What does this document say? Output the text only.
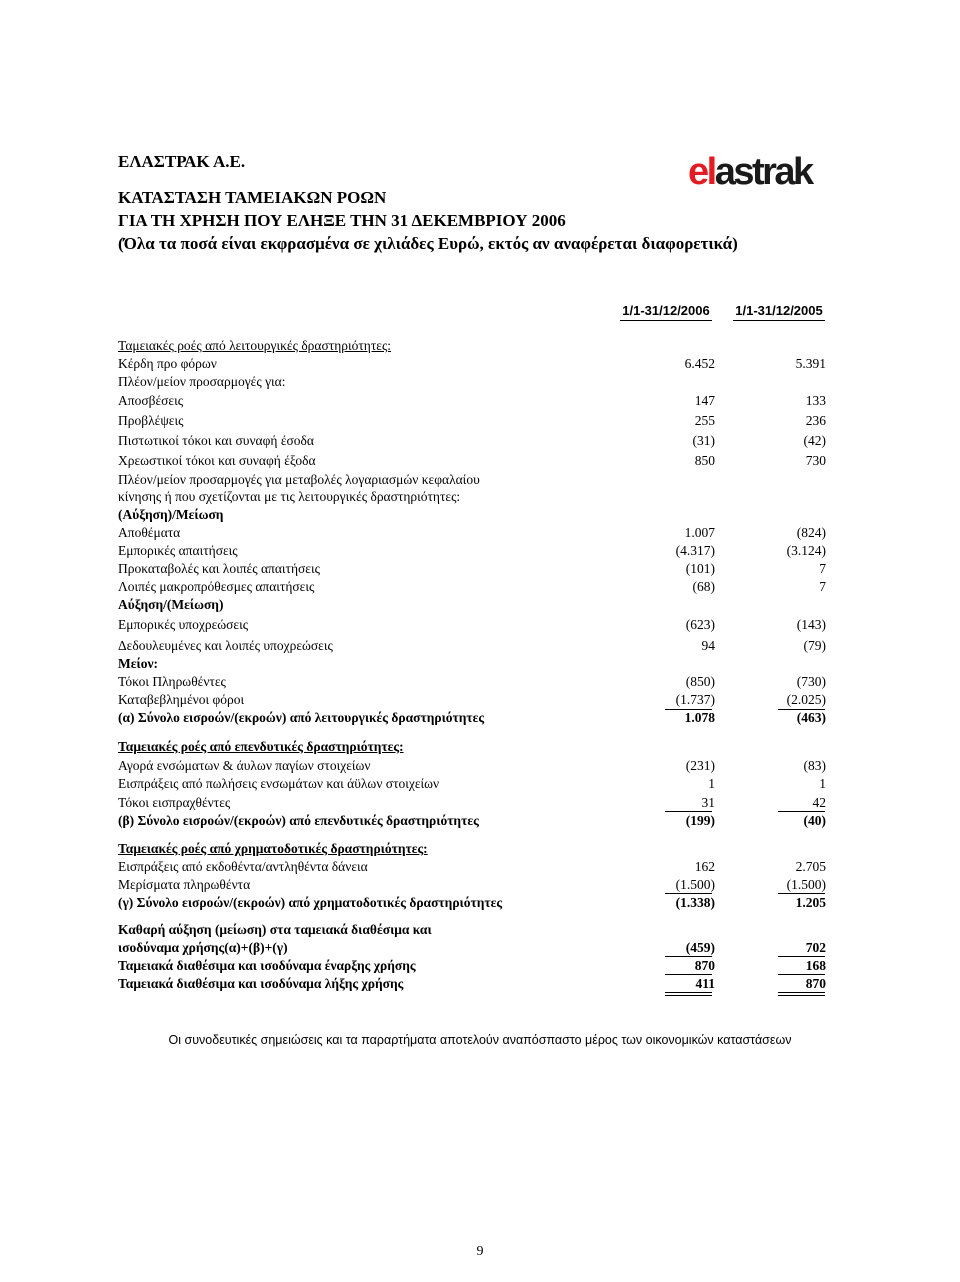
ΕΛΑΣΤΡΑΚ Α.Ε.
ΚΑΤΑΣΤΑΣΗ ΤΑΜΕΙΑΚΩΝ ΡΟΩΝ
ΓΙΑ ΤΗ ΧΡΗΣΗ ΠΟΥ ΕΛΗΞΕ ΤΗΝ 31 ΔΕΚΕΜΒΡΙΟΥ 2006
(Όλα τα ποσά είναι εκφρασμένα σε χιλιάδες Ευρώ, εκτός αν αναφέρεται διαφορετικά)
elastrak
1/1-31/12/2006 1/1-31/12/2005
Ταμειακές ροές από λειτουργικές δραστηριότητες:
Κέρδη προ φόρων	6.452	5.391
Πλέον/μείον προσαρμογές για:
Αποσβέσεις	147	133
Προβλέψεις	255	236
Πιστωτικοί τόκοι και συναφή έσοδα	(31)	(42)
Χρεωστικοί τόκοι και συναφή έξοδα	850	730
Πλέον/μείον προσαρμογές για μεταβολές λογαριασμών κεφαλαίου
κίνησης ή που σχετίζονται με τις λειτουργικές δραστηριότητες:
(Αύξηση)/Μείωση
Αποθέματα	1.007	(824)
Εμπορικές απαιτήσεις	(4.317)	(3.124)
Προκαταβολές και λοιπές απαιτήσεις	(101)	7
Λοιπές μακροπρόθεσμες απαιτήσεις	(68)	7
Αύξηση/(Μείωση)
Εμπορικές υποχρεώσεις	(623)	(143)
Δεδουλευμένες και λοιπές υποχρεώσεις	94	(79)
Μείον:
Τόκοι Πληρωθέντες	(850)	(730)
Καταβεβλημένοι φόροι	(1.737)	(2.025)
(α) Σύνολο εισροών/(εκροών) από λειτουργικές δραστηριότητες	1.078	(463)
Ταμειακές ροές από επενδυτικές δραστηριότητες:
Αγορά ενσώματων & άυλων παγίων στοιχείων	(231)	(83)
Εισπράξεις από πωλήσεις ενσωμάτων και άϋλων στοιχείων	1	1
Τόκοι εισπραχθέντες	31	42
(β) Σύνολο εισροών/(εκροών) από επενδυτικές δραστηριότητες	(199)	(40)
Ταμειακές ροές από χρηματοδοτικές δραστηριότητες:
Εισπράξεις από εκδοθέντα/αντληθέντα δάνεια	162	2.705
Μερίσματα πληρωθέντα	(1.500)	(1.500)
(γ) Σύνολο εισροών/(εκροών) από χρηματοδοτικές δραστηριότητες	(1.338)	1.205
Καθαρή αύξηση (μείωση) στα ταμειακά διαθέσιμα και
ισοδύναμα χρήσης(α)+(β)+(γ)	(459)	702
Ταμειακά διαθέσιμα και ισοδύναμα έναρξης χρήσης	870	168
Ταμειακά διαθέσιμα και ισοδύναμα λήξης χρήσης	411	870
Οι συνοδευτικές σημειώσεις και τα παραρτήματα αποτελούν αναπόσπαστο μέρος των οικονομικών καταστάσεων
9
